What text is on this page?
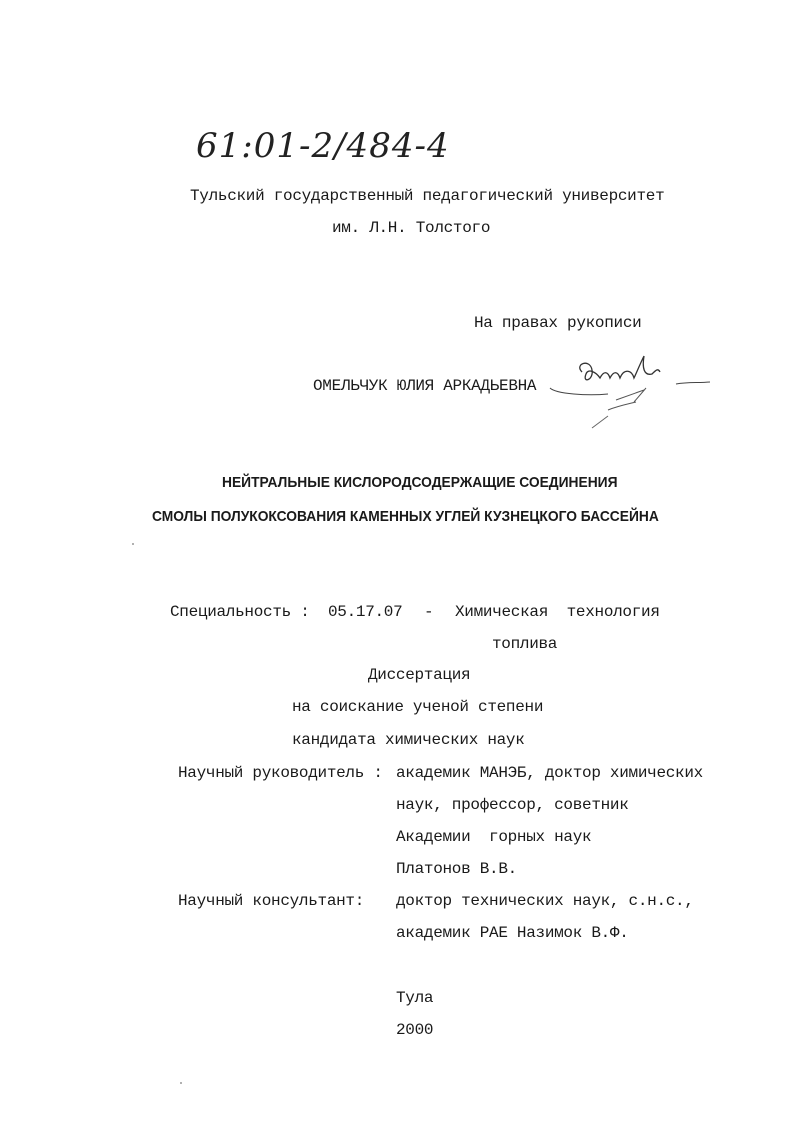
61:01-2/484-4
Тульский государственный педагогический университет
им. Л.Н. Толстого
На правах рукописи
ОМЕЛЬЧУК ЮЛИЯ АРКАДЬЕВНА
НЕЙТРАЛЬНЫЕ КИСЛОРОДСОДЕРЖАЩИЕ СОЕДИНЕНИЯ
СМОЛЫ ПОЛУКОКСОВАНИЯ КАМЕННЫХ УГЛЕЙ КУЗНЕЦКОГО БАССЕЙНА
Специальность : 05.17.07 - Химическая  технология
топлива
Диссертация
на соискание ученой степени
кандидата химических наук
Научный руководитель : академик МАНЭБ, доктор химических
наук, профессор, советник
Академии  горных наук
Платонов В.В.
Научный консультант: доктор технических наук, с.н.с.,
академик РАЕ Назимок В.Ф.
Тула
2000
